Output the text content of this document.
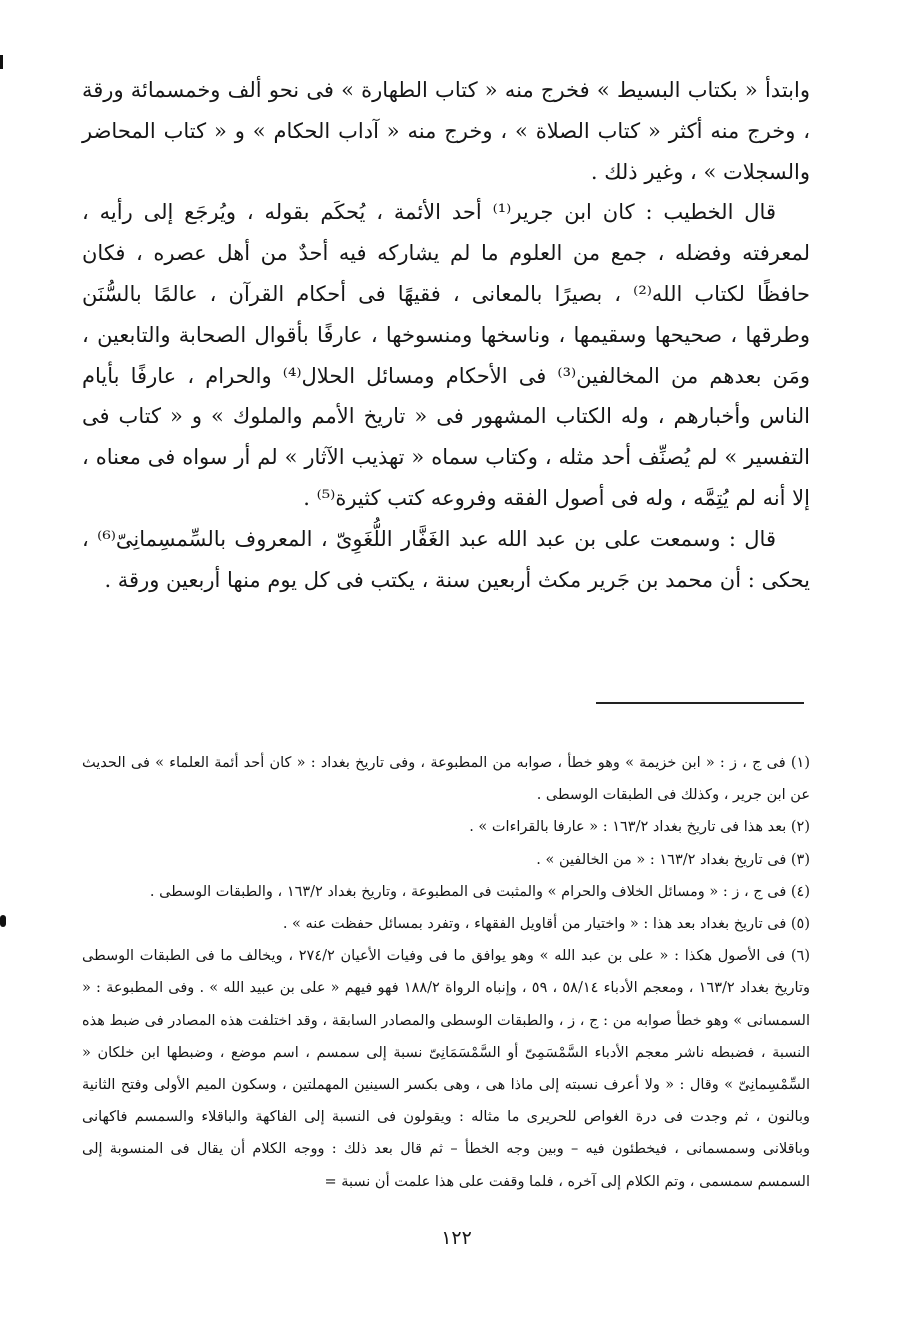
وابتدأ « بكتاب البسيط » فخرج منه « كتاب الطهارة » فى نحو ألف وخمسمائة ورقة ، وخرج منه أكثر « كتاب الصلاة » ، وخرج منه « آداب الحكام » و « كتاب المحاضر والسجلات » ، وغير ذلك .

قال الخطيب : كان ابن جرير⁽¹⁾ أحد الأئمة ، يُحكَم بقوله ، ويُرجَع إلى رأيه ، لمعرفته وفضله ، جمع من العلوم ما لم يشاركه فيه أحدٌ من أهل عصره ، فكان حافظًا لكتاب الله⁽²⁾ ، بصيرًا بالمعانى ، فقيهًا فى أحكام القرآن ، عالمًا بالسُّنَن وطرقها ، صحيحها وسقيمها ، وناسخها ومنسوخها ، عارفًا بأقوال الصحابة والتابعين ، ومَن بعدهم من المخالفين⁽³⁾ فى الأحكام ومسائل الحلال⁽⁴⁾ والحرام ، عارفًا بأيام الناس وأخبارهم ، وله الكتاب المشهور فى « تاريخ الأمم والملوك » و « كتاب فى التفسير » لم يُصنِّف أحد مثله ، وكتاب سماه « تهذيب الآثار » لم أر سواه فى معناه ، إلا أنه لم يُتِمَّه ، وله فى أصول الفقه وفروعه كتب كثيرة⁽⁵⁾ .

قال : وسمعت على بن عبد الله عبد الغَفَّار اللُّغَوِىّ ، المعروف بالسِّمسِمانِىّ⁽⁶⁾ ، يحكى : أن محمد بن جَرير مكث أربعين سنة ، يكتب فى كل يوم منها أربعين ورقة .

(١) فى ج ، ز : « ابن خزيمة » وهو خطأ ، صوابه من المطبوعة ، وفى تاريخ بغداد : « كان أحد أئمة العلماء » فى الحديث عن ابن جرير ، وكذلك فى الطبقات الوسطى .

(٢) بعد هذا فى تاريخ بغداد ١٦٣/٢ : « عارفا بالقراءات » .

(٣) فى تاريخ بغداد ١٦٣/٢ : « من الخالفين » .

(٤) فى ج ، ز : « ومسائل الخلاف والحرام » والمثبت فى المطبوعة ، وتاريخ بغداد ١٦٣/٢ ، والطبقات الوسطى .

(٥) فى تاريخ بغداد بعد هذا : « واختيار من أقاويل الفقهاء ، وتفرد بمسائل حفظت عنه » .

(٦) فى الأصول هكذا : « على بن عبد الله » وهو يوافق ما فى وفيات الأعيان ٢٧٤/٢ ، ويخالف ما فى الطبقات الوسطى وتاريخ بغداد ١٦٣/٢ ، ومعجم الأدباء ٥٨/١٤ ، ٥٩ ، وإنباه الرواة ١٨٨/٢ فهو فيهم « على بن عبيد الله » . وفى المطبوعة : « السمسانى » وهو خطأ صوابه من : ج ، ز ، والطبقات الوسطى والمصادر السابقة ، وقد اختلفت هذه المصادر فى ضبط هذه النسبة ، فضبطه ناشر معجم الأدباء السَّمْسَمِىّ أو السَّمْسَمَانِىّ نسبة إلى سمسم ، اسم موضع ، وضبطها ابن خلكان « السِّمْسِمانِىّ » وقال : « ولا أعرف نسبته إلى ماذا هى ، وهى بكسر السينين المهملتين ، وسكون الميم الأولى وفتح الثانية وبالنون ، ثم وجدت فى درة الغواص للحريرى ما مثاله : ويقولون فى النسبة إلى الفاكهة والباقلاء والسمسم فاكهانى وباقلانى وسمسمانى ، فيخطئون فيه – وبين وجه الخطأ – ثم قال بعد ذلك : ووجه الكلام أن يقال فى المنسوبة إلى السمسم سمسمى ، وتم الكلام إلى آخره ، فلما وقفت على هذا علمت أن نسبة =

١٢٢
